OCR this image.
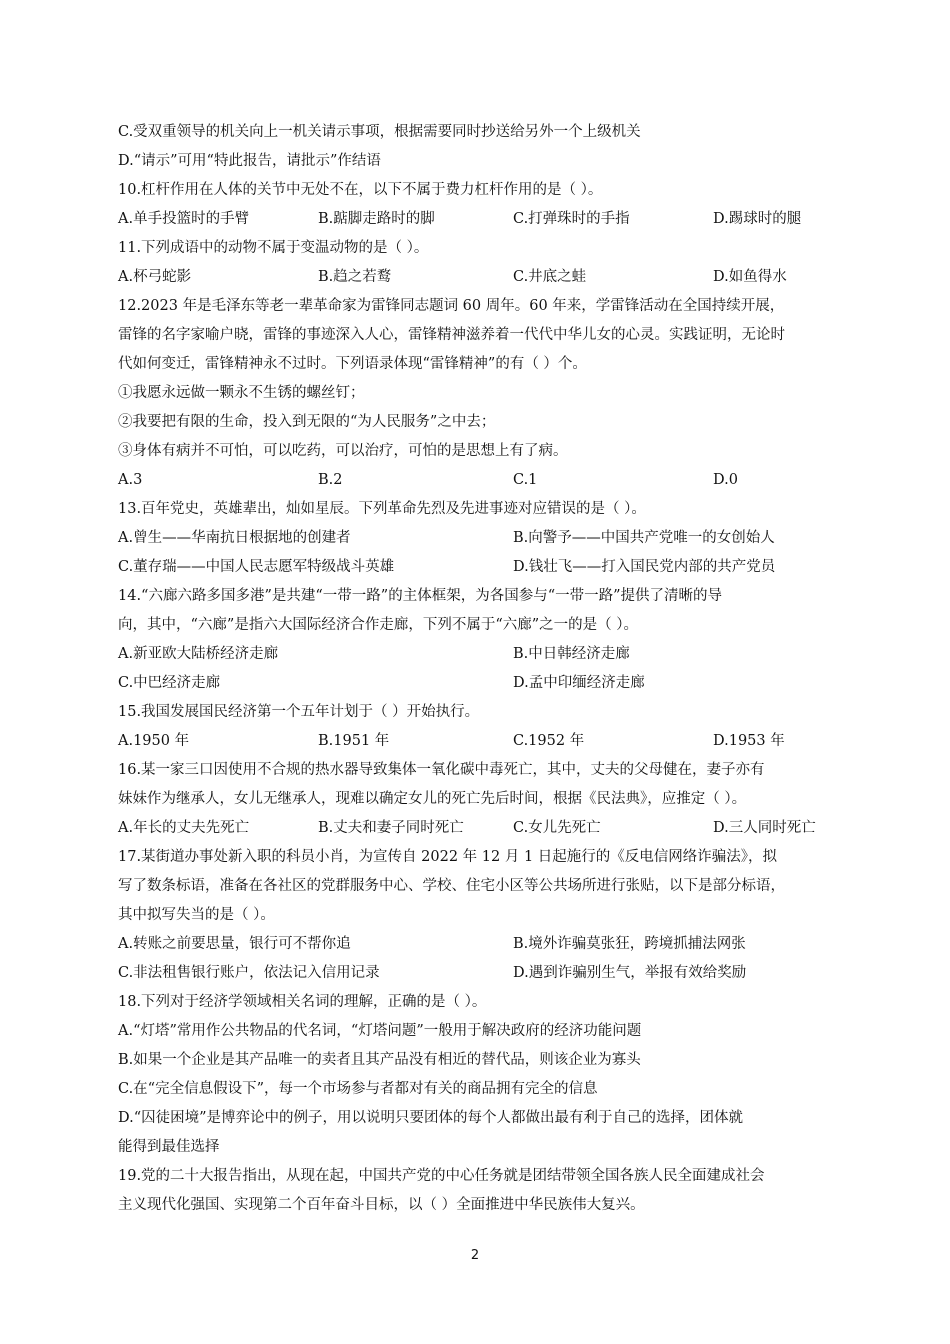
C.受双重领导的机关向上一机关请示事项，根据需要同时抄送给另外一个上级机关
D.“请示”可用“特此报告，请批示”作结语
10.杠杆作用在人体的关节中无处不在，以下不属于费力杠杆作用的是（ ）。
A.单手投篮时的手臂	B.踮脚走路时的脚	C.打弹珠时的手指	D.踢球时的腿
11.下列成语中的动物不属于变温动物的是（ ）。
A.杯弓蛇影	B.趋之若鹜	C.井底之蛙	D.如鱼得水
12.2023 年是毛泽东等老一辈革命家为雷锋同志题词 60 周年。60 年来，学雷锋活动在全国持续开展，
雷锋的名字家喻户晓，雷锋的事迹深入人心，雷锋精神滋养着一代代中华儿女的心灵。实践证明，无论时
代如何变迁，雷锋精神永不过时。下列语录体现“雷锋精神”的有（ ）个。
①我愿永远做一颗永不生锈的螺丝钉；
②我要把有限的生命，投入到无限的“为人民服务”之中去；
③身体有病并不可怕，可以吃药，可以治疗，可怕的是思想上有了病。
A.3	B.2	C.1	D.0
13.百年党史，英雄辈出，灿如星辰。下列革命先烈及先进事迹对应错误的是（ ）。
A.曾生——华南抗日根据地的创建者	B.向警予——中国共产党唯一的女创始人
C.董存瑞——中国人民志愿军特级战斗英雄	D.钱壮飞——打入国民党内部的共产党员
14.“六廊六路多国多港”是共建“一带一路”的主体框架，为各国参与“一带一路”提供了清晰的导
向，其中，“六廊”是指六大国际经济合作走廊，下列不属于“六廊”之一的是（ ）。
A.新亚欧大陆桥经济走廊	B.中日韩经济走廊
C.中巴经济走廊	D.孟中印缅经济走廊
15.我国发展国民经济第一个五年计划于（ ）开始执行。
A.1950 年	B.1951 年	C.1952 年	D.1953 年
16.某一家三口因使用不合规的热水器导致集体一氧化碳中毒死亡，其中，丈夫的父母健在，妻子亦有
妹妹作为继承人，女儿无继承人，现难以确定女儿的死亡先后时间，根据《民法典》，应推定（ ）。
A.年长的丈夫先死亡	B.丈夫和妻子同时死亡	C.女儿先死亡	D.三人同时死亡
17.某街道办事处新入职的科员小肖，为宣传自 2022 年 12 月 1 日起施行的《反电信网络诈骗法》，拟
写了数条标语，准备在各社区的党群服务中心、学校、住宅小区等公共场所进行张贴，以下是部分标语，
其中拟写失当的是（ ）。
A.转账之前要思量，银行可不帮你追	B.境外诈骗莫张狂，跨境抓捕法网张
C.非法租售银行账户，依法记入信用记录	D.遇到诈骗别生气，举报有效给奖励
18.下列对于经济学领域相关名词的理解，正确的是（ ）。
A.“灯塔”常用作公共物品的代名词，“灯塔问题”一般用于解决政府的经济功能问题
B.如果一个企业是其产品唯一的卖者且其产品没有相近的替代品，则该企业为寡头
C.在“完全信息假设下”，每一个市场参与者都对有关的商品拥有完全的信息
D.“囚徒困境”是博弈论中的例子，用以说明只要团体的每个人都做出最有利于自己的选择，团体就
能得到最佳选择
19.党的二十大报告指出，从现在起，中国共产党的中心任务就是团结带领全国各族人民全面建成社会
主义现代化强国、实现第二个百年奋斗目标，以（ ）全面推进中华民族伟大复兴。
2
